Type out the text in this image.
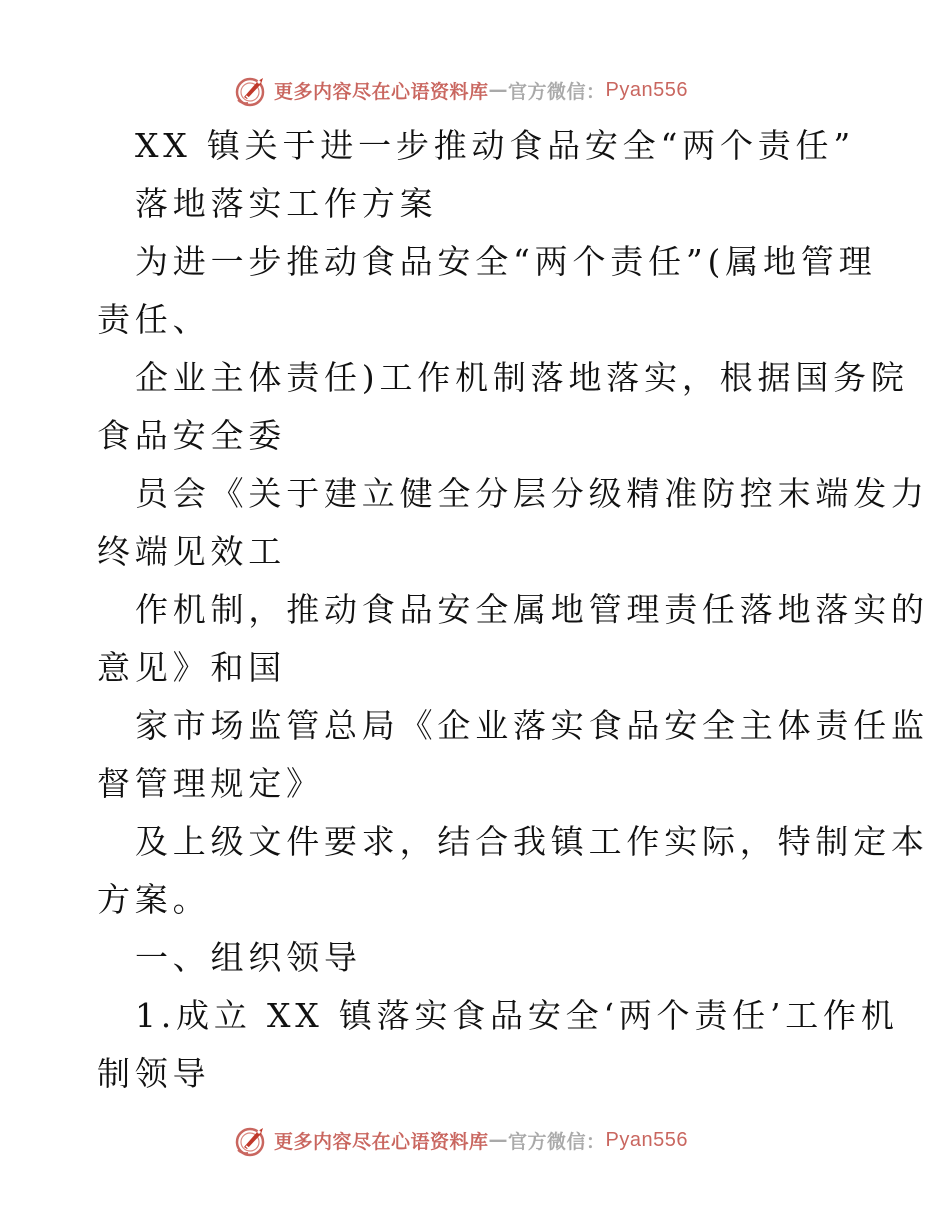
更多内容尽在心语资料库 — 官方微信： Pyan556
XX 镇关于进一步推动食品安全“两个责任”
落地落实工作方案
为进一步推动食品安全“两个责任”(属地管理
责任、
企业主体责任)工作机制落地落实，根据国务院
食品安全委
员会《关于建立健全分层分级精准防控末端发力
终端见效工
作机制，推动食品安全属地管理责任落地落实的
意见》和国
家市场监管总局《企业落实食品安全主体责任监
督管理规定》
及上级文件要求，结合我镇工作实际，特制定本
方案。
一、组织领导
1.成立 XX 镇落实食品安全‘两个责任’工作机
制领导
更多内容尽在心语资料库 — 官方微信： Pyan556
